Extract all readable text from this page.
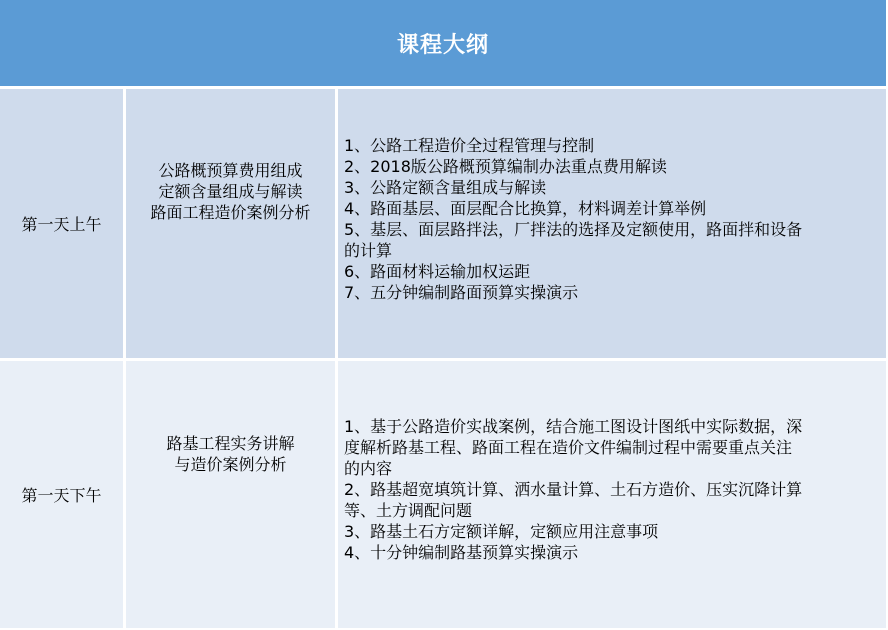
课程大纲
第一天上午
公路概预算费用组成
定额含量组成与解读
路面工程造价案例分析
1、公路工程造价全过程管理与控制
2、2018版公路概预算编制办法重点费用解读
3、公路定额含量组成与解读
4、路面基层、面层配合比换算，材料调差计算举例
5、基层、面层路拌法，厂拌法的选择及定额使用，路面拌和设备
的计算
6、路面材料运输加权运距
7、五分钟编制路面预算实操演示
第一天下午
路基工程实务讲解
与造价案例分析
1、基于公路造价实战案例，结合施工图设计图纸中实际数据，深
度解析路基工程、路面工程在造价文件编制过程中需要重点关注
的内容
2、路基超宽填筑计算、洒水量计算、土石方造价、压实沉降计算
等、土方调配问题
3、路基土石方定额详解，定额应用注意事项
4、十分钟编制路基预算实操演示
